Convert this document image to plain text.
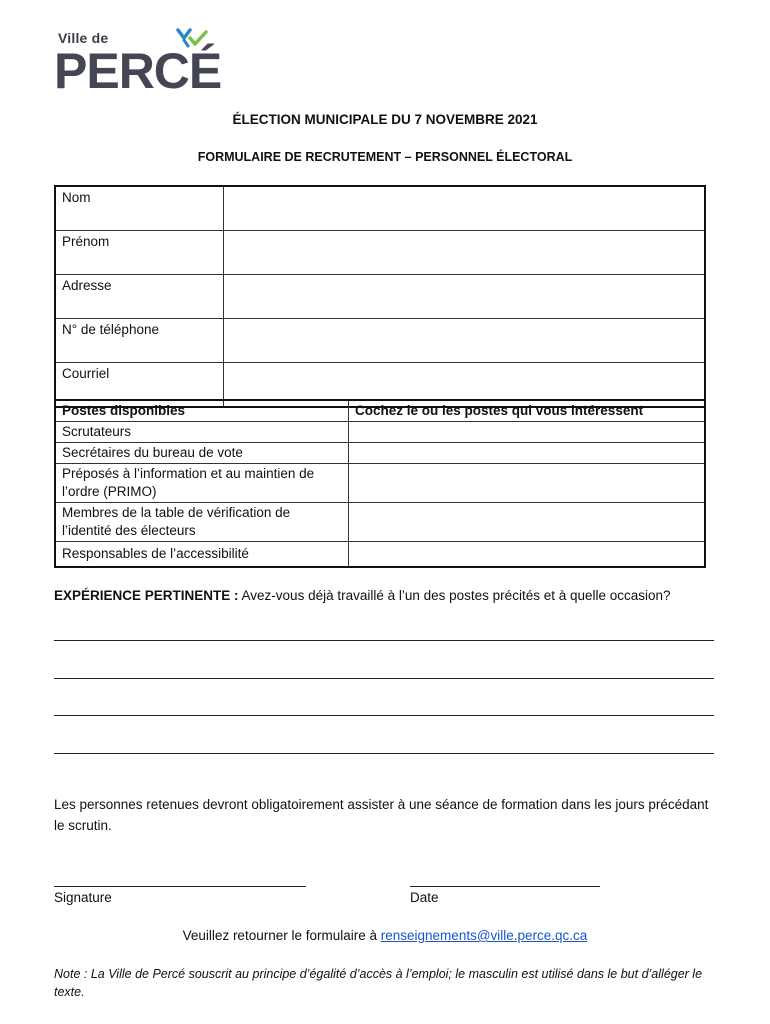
Ville de
PERCÉ
ÉLECTION MUNICIPALE DU 7 NOVEMBRE 2021
FORMULAIRE DE RECRUTEMENT – PERSONNEL ÉLECTORAL
Nom	
Prénom	
Adresse	
N° de téléphone	
Courriel	
Postes disponibles	Cochez le ou les postes qui vous intéressent
Scrutateurs	
Secrétaires du bureau de vote	
Préposés à l’information et au maintien de l’ordre (PRIMO)	
Membres de la table de vérification de l’identité des électeurs	
Responsables de l’accessibilité	
EXPÉRIENCE PERTINENTE : Avez-vous déjà travaillé à l’un des postes précités et à quelle occasion?
Les personnes retenues devront obligatoirement assister à une séance de formation dans les jours précédant le scrutin.
Signature	Date
Veuillez retourner le formulaire à renseignements@ville.perce.qc.ca
Note : La Ville de Percé souscrit au principe d’égalité d’accès à l’emploi; le masculin est utilisé dans le but d’alléger le texte.
